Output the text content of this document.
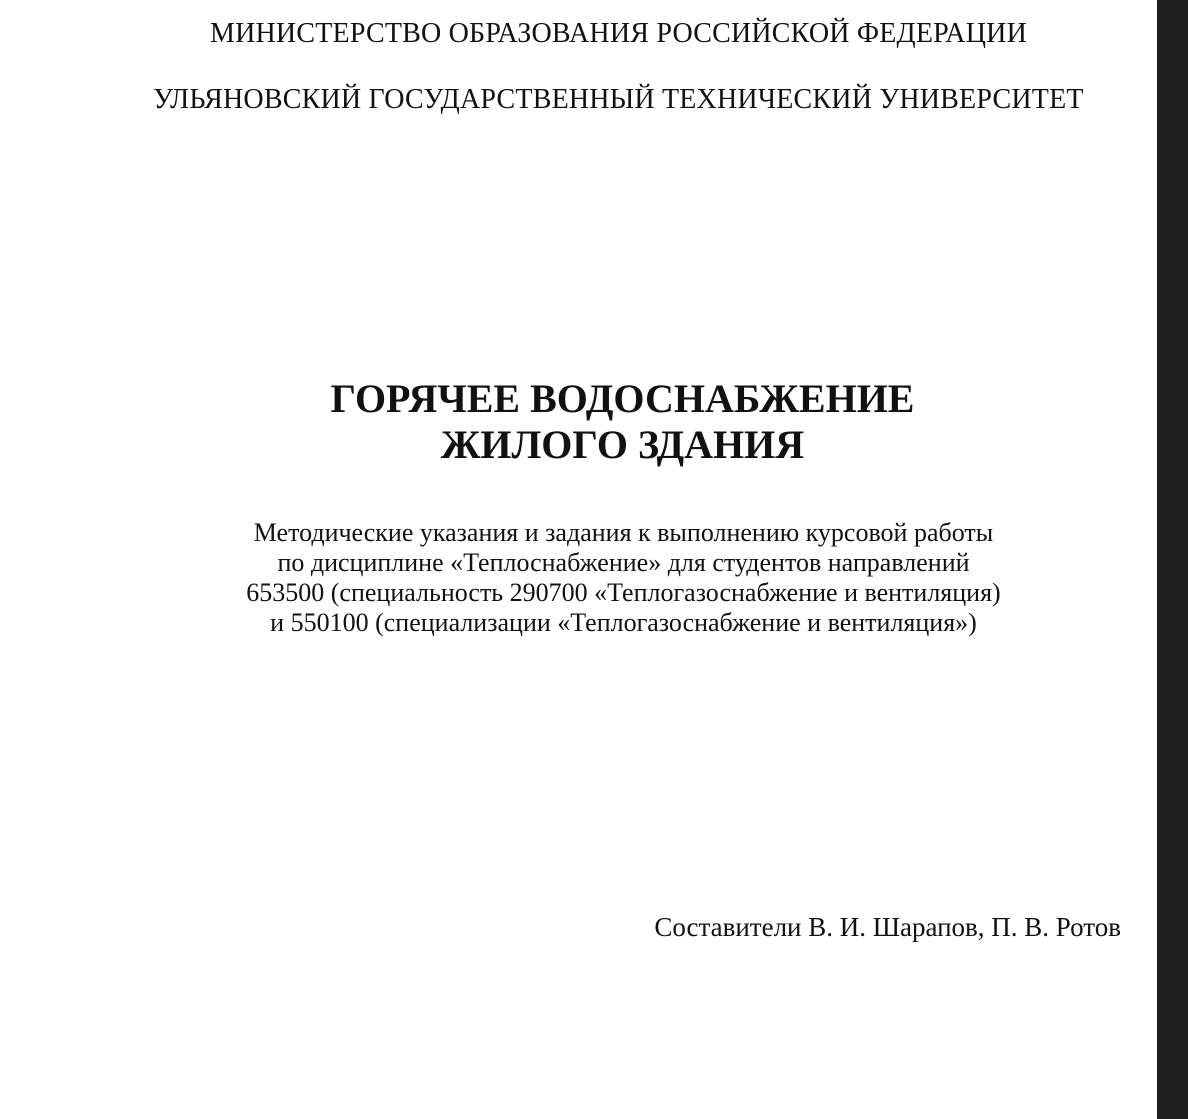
МИНИСТЕРСТВО ОБРАЗОВАНИЯ РОССИЙСКОЙ ФЕДЕРАЦИИ
УЛЬЯНОВСКИЙ ГОСУДАРСТВЕННЫЙ ТЕХНИЧЕСКИЙ УНИВЕРСИТЕТ
ГОРЯЧЕЕ ВОДОСНАБЖЕНИЕ
ЖИЛОГО ЗДАНИЯ
Методические указания и задания к выполнению курсовой работы
по дисциплине «Теплоснабжение» для студентов направлений
653500 (специальность 290700 «Теплогазоснабжение и вентиляция)
и 550100 (специализации «Теплогазоснабжение и вентиляция»)
Составители В. И. Шарапов, П. В. Ротов
